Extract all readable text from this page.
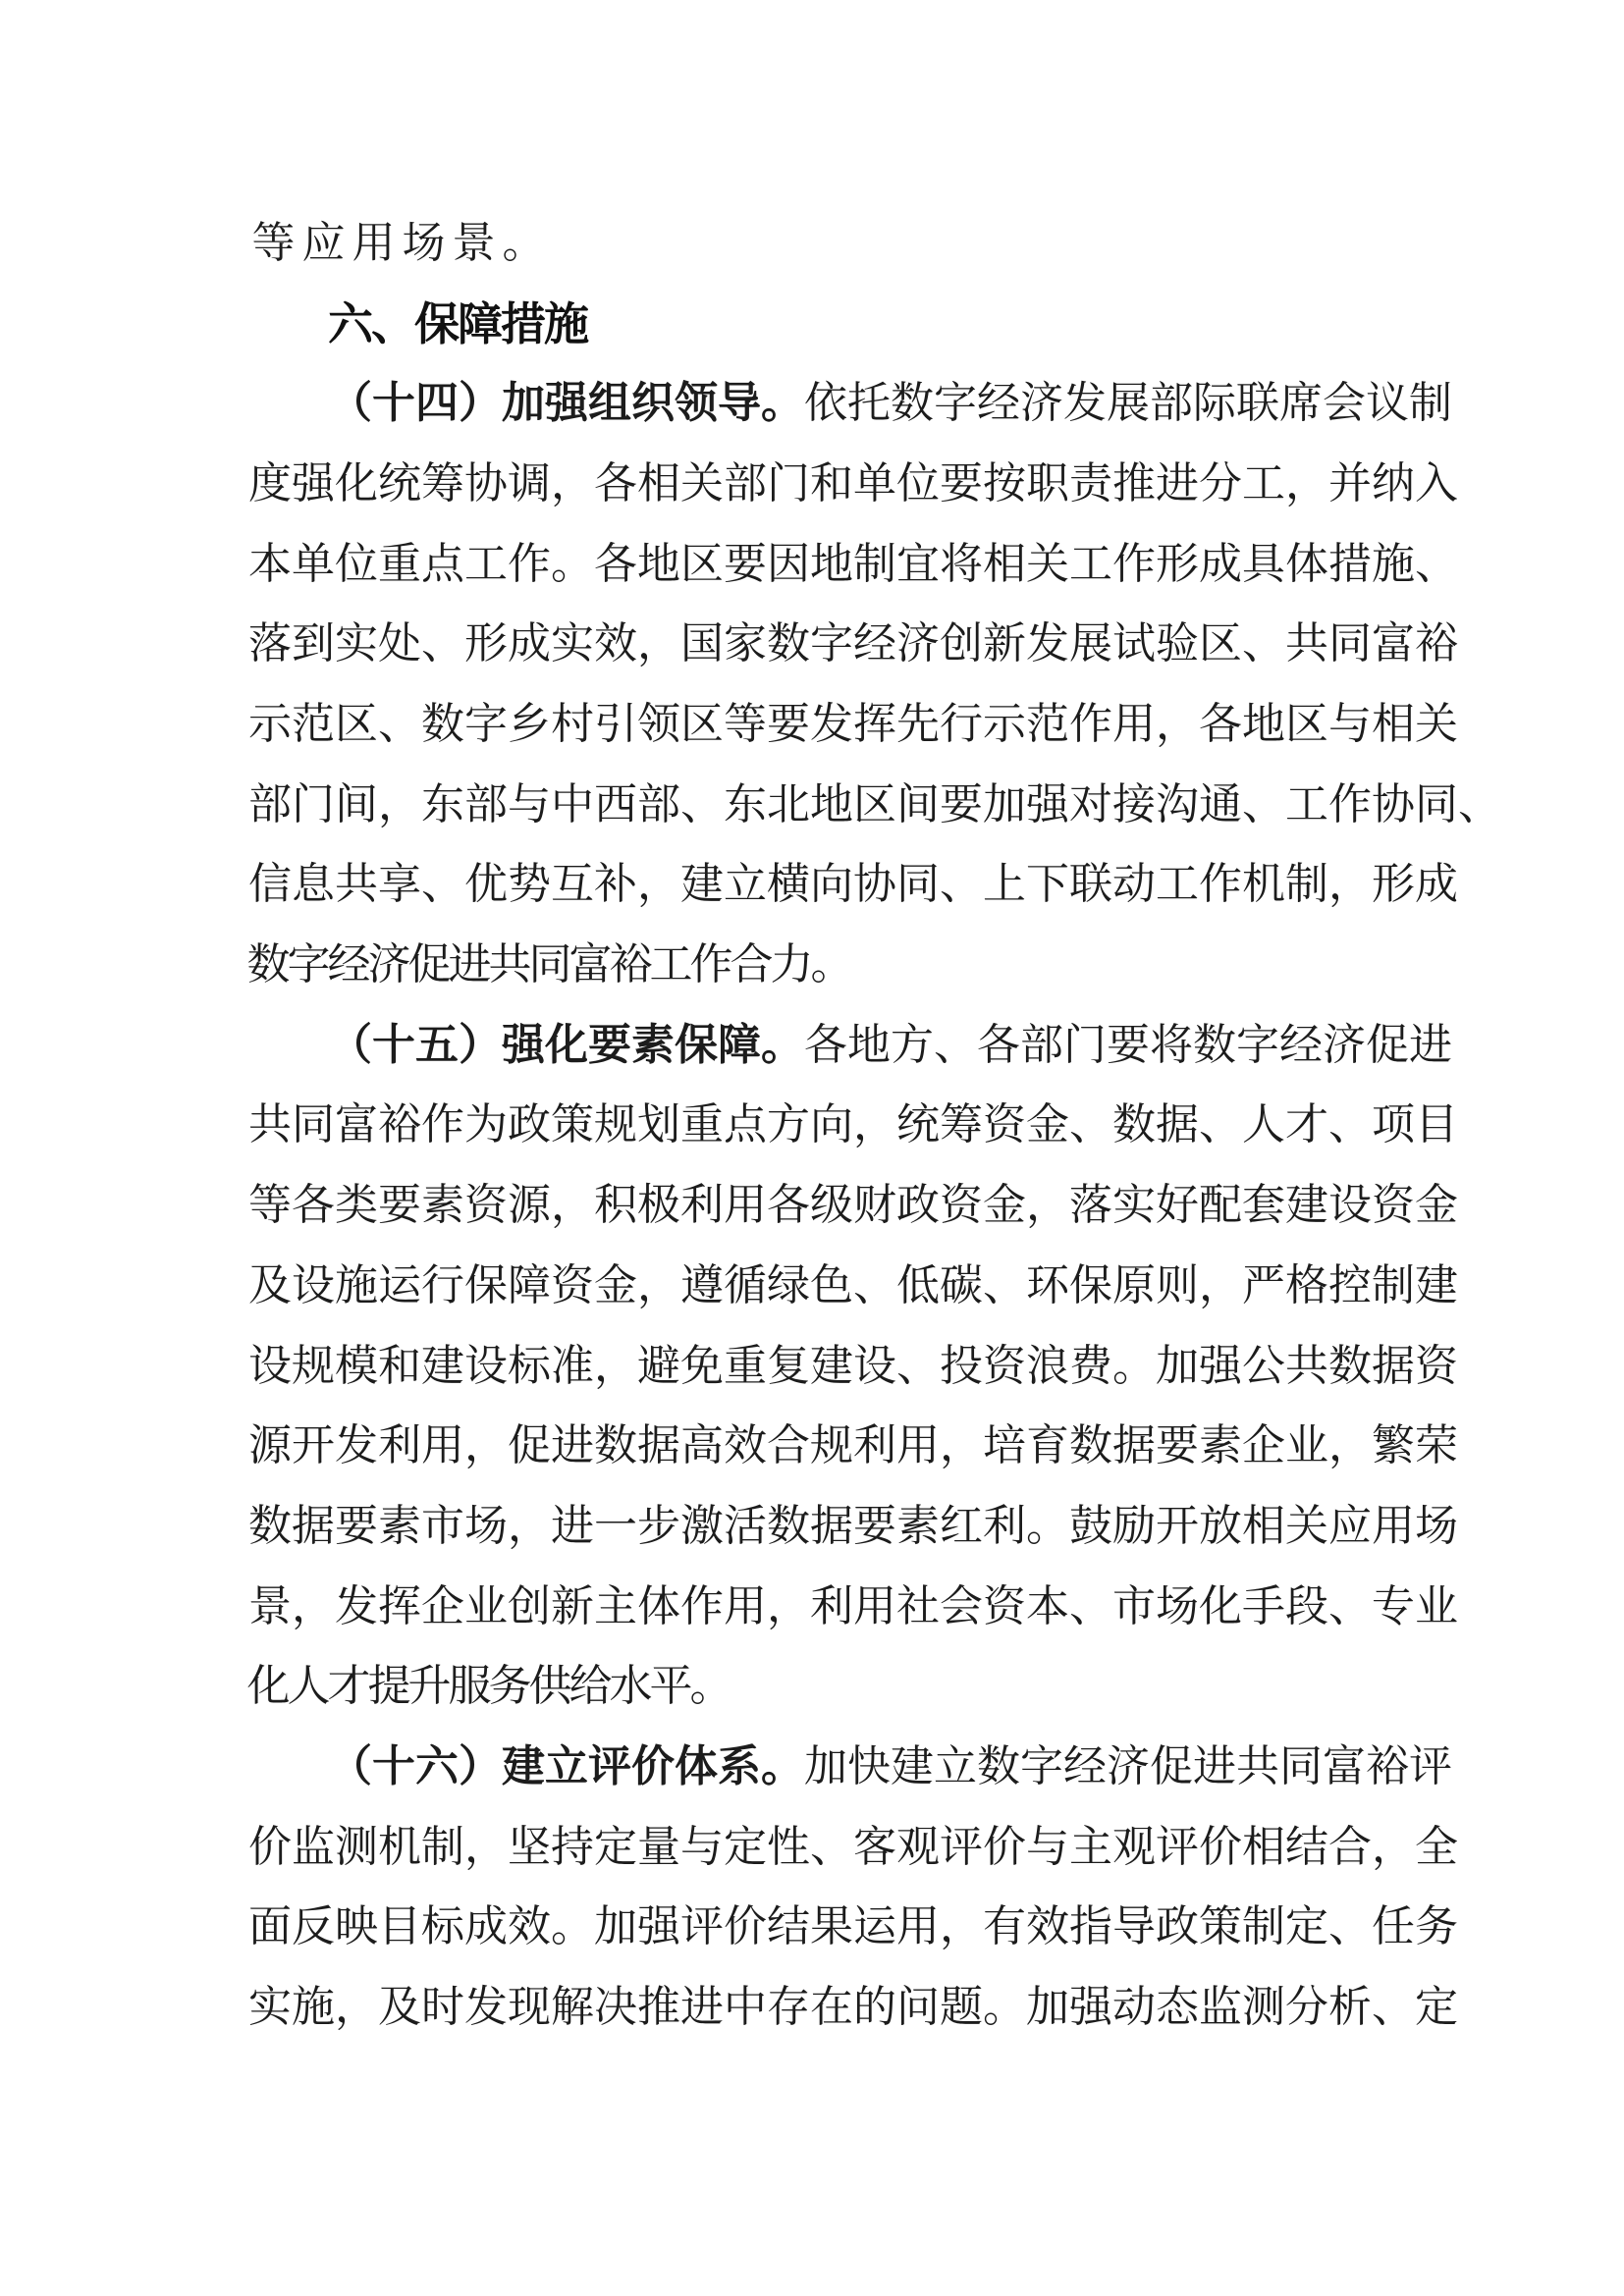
等 应 用 场 景 。
六
、
保
障
措
施
（ 十 四 ） 加 强 组 织 领 导 。 依 托 数 字 经 济 发 展 部 际 联 席 会 议 制
度 强 化 统 筹 协 调 ， 各 相 关 部 门 和 单 位 要 按 职 责 推 进 分 工 ， 并 纳 入
本 单 位 重 点 工 作 。 各 地 区 要 因 地 制 宜 将 相 关 工 作 形 成 具 体 措 施 、
落 到 实 处 、 形 成 实 效 ， 国 家 数 字 经 济 创 新 发 展 试 验 区 、 共 同 富 裕
示 范 区 、 数 字 乡 村 引 领 区 等 要 发 挥 先 行 示 范 作 用 ， 各 地 区 与 相 关
部 门 间 ， 东 部 与 中 西 部 、 东 北 地 区 间 要 加 强 对 接 沟 通 、 工 作 协 同 、
信 息 共 享 、 优 势 互 补 ， 建 立 横 向 协 同 、 上 下 联 动 工 作 机 制 ， 形 成
数
字
经
济
促
进
共
同
富
裕
工
作
合
力
。
（ 十 五 ） 强 化 要 素 保 障 。 各 地 方 、 各 部 门 要 将 数 字 经 济 促 进
共 同 富 裕 作 为 政 策 规 划 重 点 方 向 ， 统 筹 资 金 、 数 据 、 人 才 、 项 目
等 各 类 要 素 资 源 ， 积 极 利 用 各 级 财 政 资 金 ， 落 实 好 配 套 建 设 资 金
及 设 施 运 行 保 障 资 金 ， 遵 循 绿 色 、 低 碳 、 环 保 原 则 ， 严 格 控 制 建
设 规 模 和 建 设 标 准 ， 避 免 重 复 建 设 、 投 资 浪 费 。 加 强 公 共 数 据 资
源 开 发 利 用 ， 促 进 数 据 高 效 合 规 利 用 ， 培 育 数 据 要 素 企 业 ， 繁 荣
数 据 要 素 市 场 ， 进 一 步 激 活 数 据 要 素 红 利 。 鼓 励 开 放 相 关 应 用 场
景 ， 发 挥 企 业 创 新 主 体 作 用 ， 利 用 社 会 资 本 、 市 场 化 手 段 、 专 业
化
人
才
提
升
服
务
供
给
水
平
。
（ 十 六 ） 建 立 评 价 体 系 。 加 快 建 立 数 字 经 济 促 进 共 同 富 裕 评
价 监 测 机 制 ， 坚 持 定 量 与 定 性 、 客 观 评 价 与 主 观 评 价 相 结 合 ， 全
面 反 映 目 标 成 效 。 加 强 评 价 结 果 运 用 ， 有 效 指 导 政 策 制 定 、 任 务
实 施 ， 及 时 发 现 解 决 推 进 中 存 在 的 问 题 。 加 强 动 态 监 测 分 析 、 定
